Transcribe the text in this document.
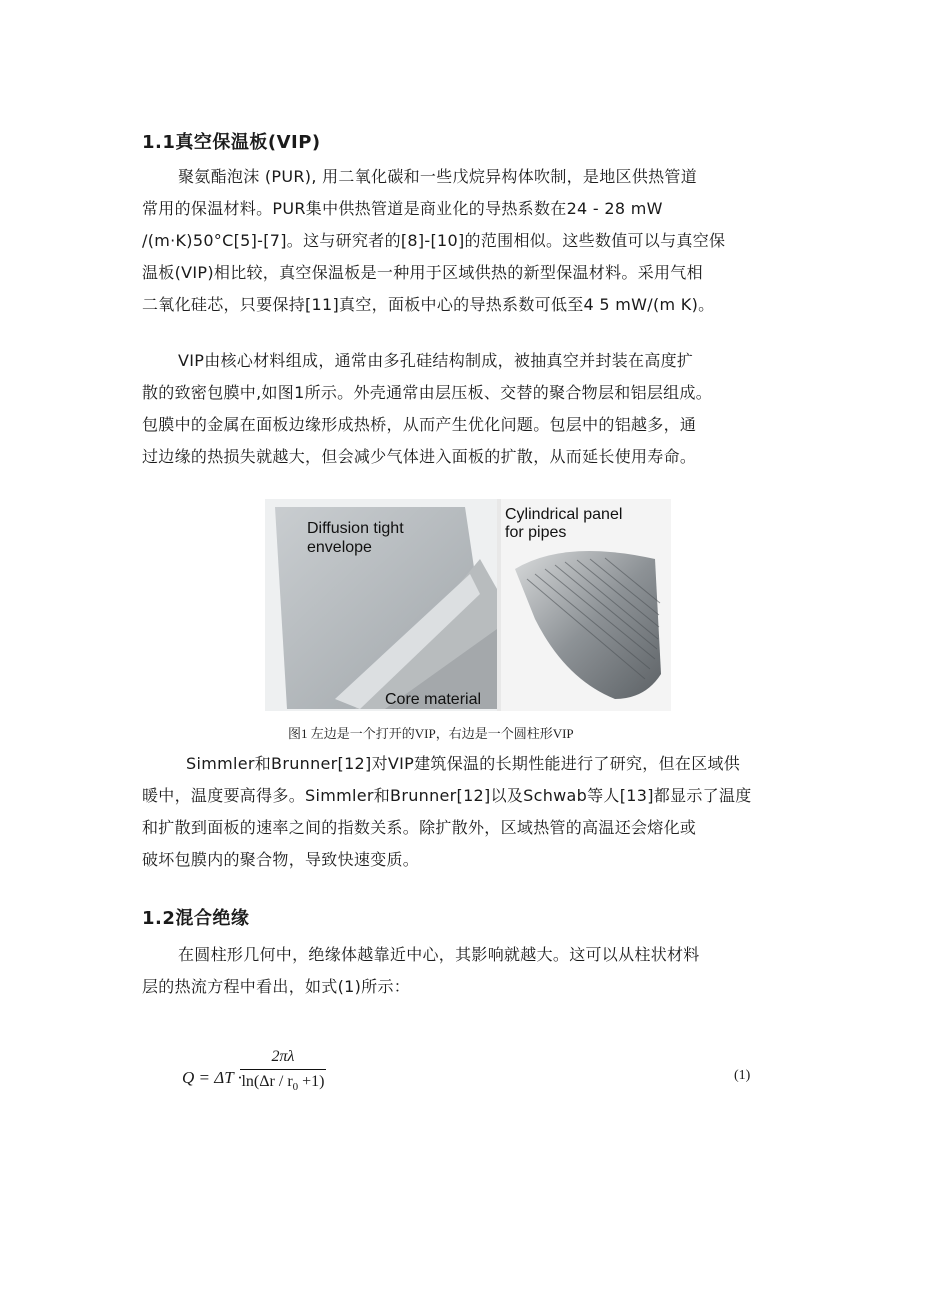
1.1真空保温板(VIP)
聚氨酯泡沫 (PUR), 用二氧化碳和一些戊烷异构体吹制，是地区供热管道
常用的保温材料。PUR集中供热管道是商业化的导热系数在24 - 28 mW
/(m·K)50°C[5]-[7]。这与研究者的[8]-[10]的范围相似。这些数值可以与真空保
温板(VIP)相比较，真空保温板是一种用于区域供热的新型保温材料。采用气相
二氧化硅芯，只要保持[11]真空，面板中心的导热系数可低至4 5 mW/(m K)。
VIP由核心材料组成，通常由多孔硅结构制成，被抽真空并封装在高度扩
散的致密包膜中,如图1所示。外壳通常由层压板、交替的聚合物层和铝层组成。
包膜中的金属在面板边缘形成热桥，从而产生优化问题。包层中的铝越多，通
过边缘的热损失就越大，但会减少气体进入面板的扩散，从而延长使用寿命。
Diffusion tight
envelope
Core material
Cylindrical panel
for pipes
图1 左边是一个打开的VIP，右边是一个圆柱形VIP
Simmler和Brunner[12]对VIP建筑保温的长期性能进行了研究，但在区域供
暖中，温度要高得多。Simmler和Brunner[12]以及Schwab等人[13]都显示了温度
和扩散到面板的速率之间的指数关系。除扩散外，区域热管的高温还会熔化或
破坏包膜内的聚合物，导致快速变质。
1.2混合绝缘
在圆柱形几何中，绝缘体越靠近中心，其影响就越大。这可以从柱状材料
层的热流方程中看出，如式(1)所示：
Q = ΔT ·
$\frac{2\pi\lambda}{\ln(\Delta r / r_0 +1)}$	(1)
